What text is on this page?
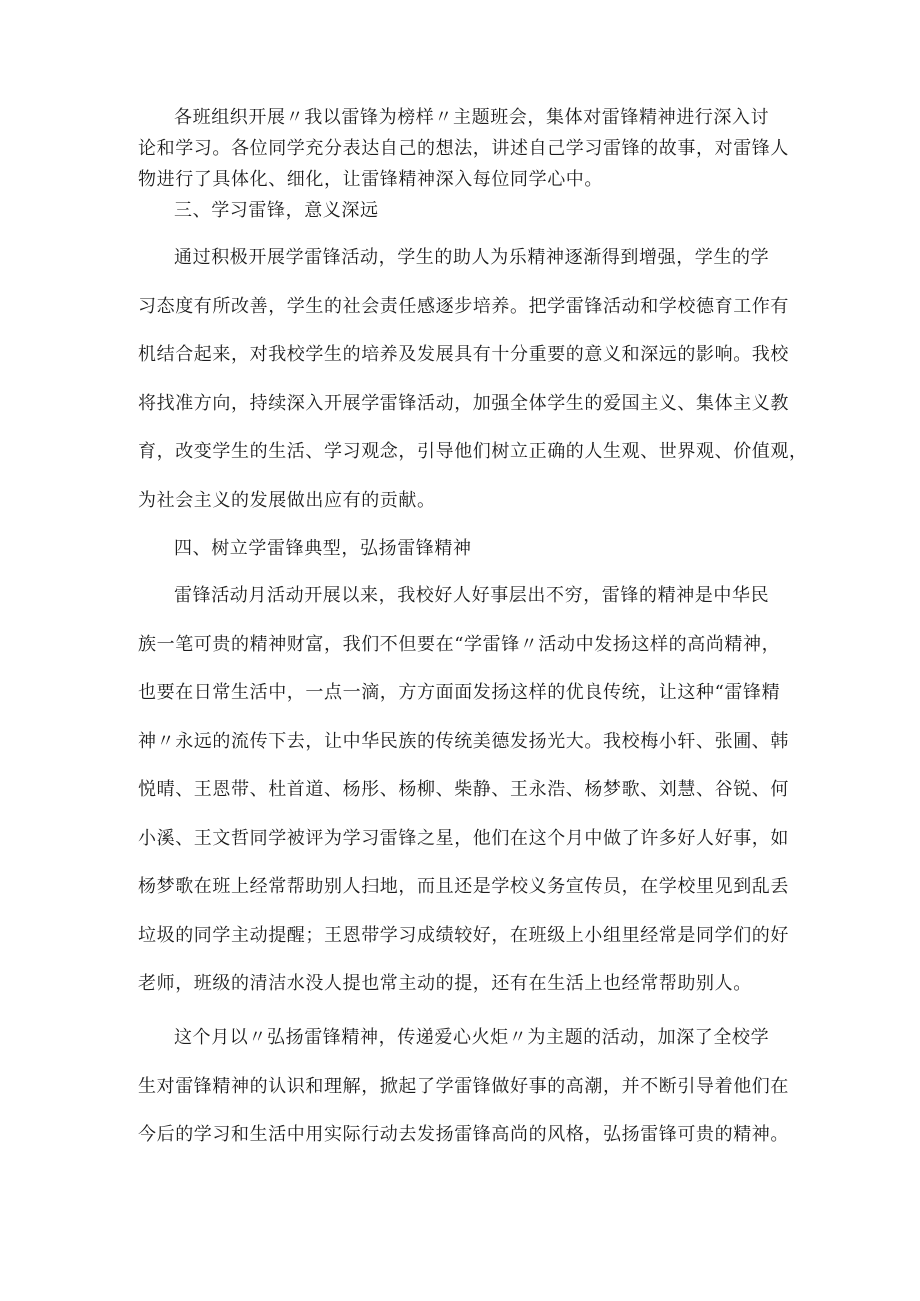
各班组织开展〃我以雷锋为榜样〃主题班会，集体对雷锋精神进行深入讨
论和学习。各位同学充分表达自己的想法，讲述自己学习雷锋的故事，对雷锋人
物进行了具体化、细化，让雷锋精神深入每位同学心中。
三、学习雷锋，意义深远
通过积极开展学雷锋活动，学生的助人为乐精神逐渐得到增强，学生的学
习态度有所改善，学生的社会责任感逐步培养。把学雷锋活动和学校德育工作有
机结合起来，对我校学生的培养及发展具有十分重要的意义和深远的影响。我校
将找准方向，持续深入开展学雷锋活动，加强全体学生的爱国主义、集体主义教
育，改变学生的生活、学习观念，引导他们树立正确的人生观、世界观、价值观，
为社会主义的发展做出应有的贡献。
四、树立学雷锋典型，弘扬雷锋精神
雷锋活动月活动开展以来，我校好人好事层出不穷，雷锋的精神是中华民
族一笔可贵的精神财富，我们不但要在“学雷锋〃活动中发扬这样的高尚精神，
也要在日常生活中，一点一滴，方方面面发扬这样的优良传统，让这种“雷锋精
神〃永远的流传下去，让中华民族的传统美德发扬光大。我校梅小轩、张圃、韩
悦晴、王恩带、杜首道、杨彤、杨柳、柴静、王永浩、杨梦歌、刘慧、谷锐、何
小溪、王文哲同学被评为学习雷锋之星，他们在这个月中做了许多好人好事，如
杨梦歌在班上经常帮助别人扫地，而且还是学校义务宣传员，在学校里见到乱丢
垃圾的同学主动提醒；王恩带学习成绩较好，在班级上小组里经常是同学们的好
老师，班级的清洁水没人提也常主动的提，还有在生活上也经常帮助别人。
这个月以〃弘扬雷锋精神，传递爱心火炬〃为主题的活动，加深了全校学
生对雷锋精神的认识和理解，掀起了学雷锋做好事的高潮，并不断引导着他们在
今后的学习和生活中用实际行动去发扬雷锋高尚的风格，弘扬雷锋可贵的精神。
